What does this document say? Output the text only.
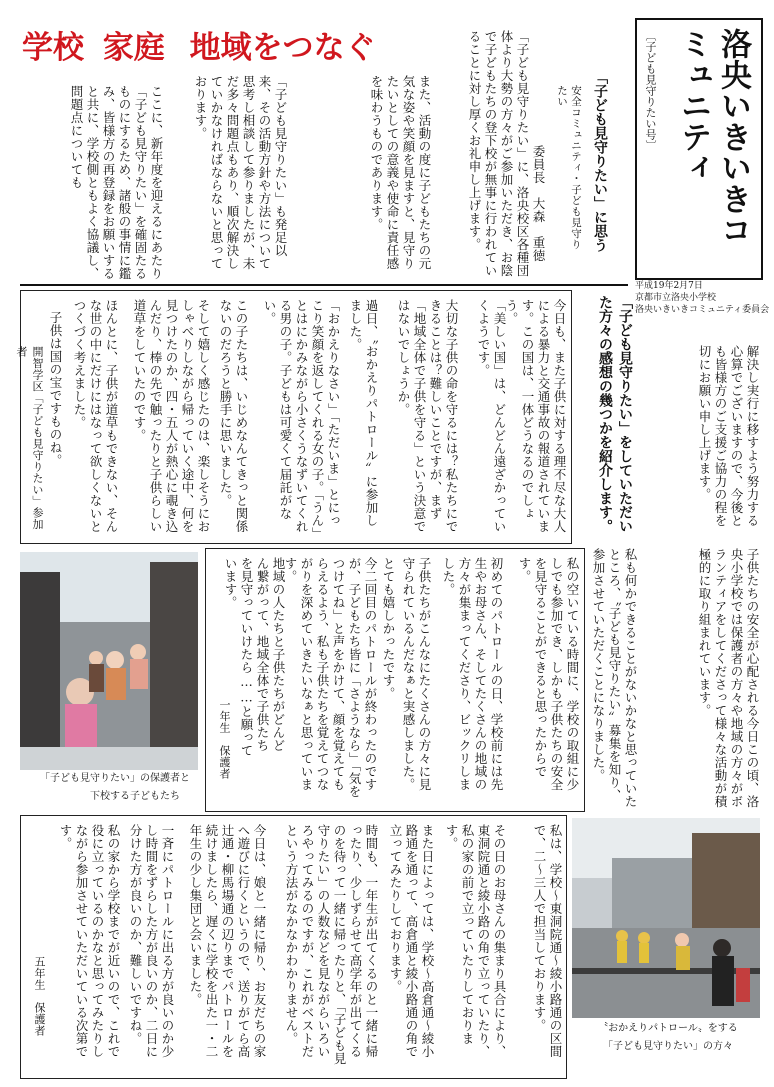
学校 家庭 地域をつなぐ	洛央いきいきコミュニティ
〔子ども見守りたい号〕
平成19年2月7日
京都市立洛央小学校
洛央いきいきコミュニティ委員会
「子ども見守りたい」に思う
安全コミュニティ・子ども見守りたい
委員長　大森　重徳
「子ども見守りたい」に、洛央校区各種団体より大勢の方々がご参加いただき、お陰で子どもたちの登下校が無事に行われていることに対し厚くお礼申し上げます。
また、活動の度に子どもたちの元気な姿や笑顔を見ますと、見守りたいとしての意義や使命に責任感を味わうものであります。
「子ども見守りたい」も発足以来、その活動方針や方法について思考し相談して参りましたが、未だ多々問題点もあり、順次解決していかなければならないと思っております。
ここに、新年度を迎えるにあたり「子ども見守りたい」を確固たるものにするため、諸般の事情に鑑み、皆様方の再登録をお願いすると共に、学校側ともよく協議し、問題点についても
解決し実行に移すよう努力する心算でございますので、今後とも皆様方のご支援ご協力の程を切にお願い申し上げます。
「子ども見守りたい」をしていただいた方々の感想の幾つかを紹介します。
今日も、また子供に対する理不尽な大人による暴力と交通事故の報道されています。この国は、一体どうなるのでしょう。
「美しい国」は、どんどん遠ざかっていくようです。
大切な子供の命を守るには？私たちにできることは？難しいことですが、まず「地域全体で子供を守る」という決意ではないでしょうか。
過日、〝おかえりパトロール〟に参加しました。
「おかえりなさい」「ただいま」とにっこり笑顔を返してくれる女の子。「うん」とはにかみながら小さくうなずいてくれる男の子。子どもは可愛くて届託がない。
この子たちは、いじめなんてきっと関係ないのだろうと勝手に思いました。
そして嬉しく感じたのは、楽しそうにおしゃべりしながら帰っていく途中、何を見つけたのか、四・五人が熱心に覗き込んだり、棒の先で触ったりと子供らしい道草をしていたのです。
ほんとに、子供が道草もできない、そんな世の中にだけにはなって欲しくないとつくづく考えました。
子供は国の宝ですものね。
開智学区「子ども見守りたい」参加者
子供たちの安全が心配される今日この頃、洛央小学校では保護者の方々や地域の方々がボランティアをしてくださって様々な活動が積極的に取り組まれています。
私も何かできることがないかなと思っていたところ、〝子ども見守りたい〟募集を知り、参加させていただくことになりました。
私の空いている時間に、学校の取組に少しでも参加でき、しかも子供たちの安全を見守ることができると思ったからです。
初めてのパトロールの日、学校前には先生やお母さん、そしてたくさんの地域の方々が集まってくださり、ビックリしました。
子供たちがこんなにたくさんの方々に見守られているんだなぁと実感しました。
とても嬉しかったです。
今二回目のパトロールが終わったのですが、子どもたち皆に「さようなら」「気をつけてね」と声をかけて、顔を覚えてもらえるよう、私も子供たちを覚えてつながりを深めていきたいなぁと思っています。
地域の人たちと子供たちがどんどん繋がって、地域全体で子供たちを見守っていけたら……と願っています。
一年生　保護者
「子ども見守りたい」の保護者と
下校する子どもたち
私は、学校〜東洞院通〜綾小路通の区間で、二〜三人で担当しております。
その日のお母さんの集まり具合により、東洞院通と綾小路の角で立っていたり、私の家の前で立っていたりしております。
また日によっては、学校〜高倉通〜綾小路通を通って、高倉通と綾小路通の角で立ってみたりしております。
時間も、一年生が出てくるのと一緒に帰ったり、少しずらせて高学年が出てくるのを待って一緒に帰ったりと、「子ども見守りたい」の人数などを見ながらいろいろやってみるのですが、これがベストだという方法がなかなかわかりません。
今日は、娘と一緒に帰り、お友だちの家へ遊びに行くというので、送りがてら高辻通・柳馬場通の辺りまでパトロールを続けましたら、遅くに学校を出た一・二年生の少し集団と会いました。
一斉にパトロールに出る方が良いのか少し時間をずらした方が良いのか、二日に分けた方が良いのか、難しいですね。
私の家から学校までが近いので、これで役に立っているのかなと思ってみたりしながら参加させていただいている次第です。
五年生　保護者	〝おかえりパトロール〟をする
「子ども見守りたい」の方々
